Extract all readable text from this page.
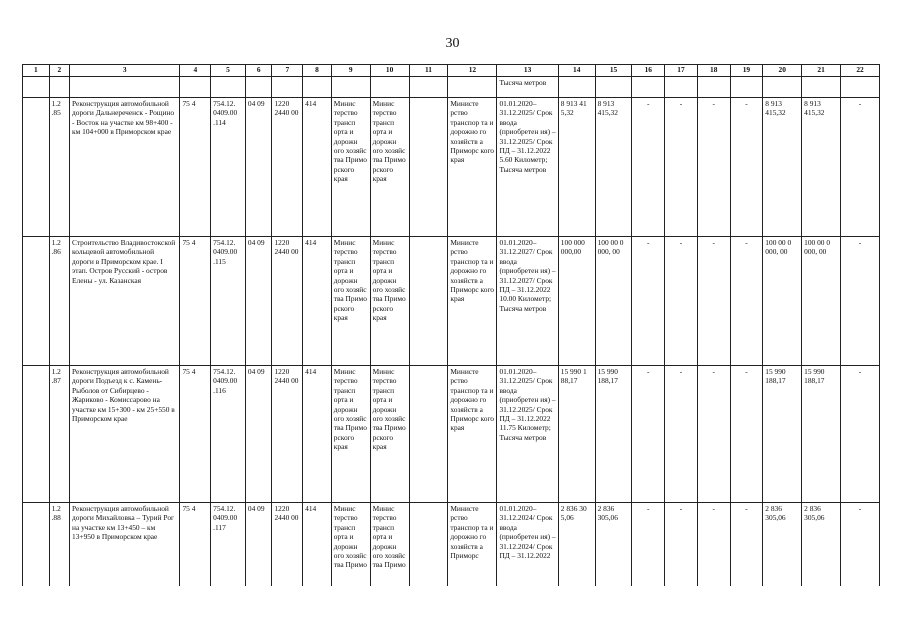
30
1	2	3	4	5	6	7	8	9	10	11	12	13	14	15	16	17	18	19	20	21	22
												Тысяча метров									
	1.2 .85	Реконструкция автомобильной дороги Дальнереченск - Рощино - Восток на участке км 98+400 - км 104+000 в Приморском крае	75 4	754.12. 0409.00 .114	04 09	1220 2440 00	414	Минис терство трансп орта и дорожн ого хозяйс тва Примо рского края	Минис терство трансп орта и дорожн ого хозяйс тва Примо рского края		Министе рство транспор та и дорожно го хозяйств а Приморс кого края	01.01.2020– 31.12.2025/ Срок ввода (приобретен ия) – 31.12.2025/ Срок ПД – 31.12.2022 5.60 Километр; Тысяча метров	8 913 41 5,32	8 913 415,32	-	-	-	-	8 913 415,32	8 913 415,32	-
	1.2 .86	Строительство Владивостокской кольцевой автомобильной дороги в Приморском крае. I этап. Остров Русский - остров Елены - ул. Казанская	75 4	754.12. 0409.00 .115	04 09	1220 2440 00	414	Минис терство трансп орта и дорожн ого хозяйс тва Примо рского края	Минис терство трансп орта и дорожн ого хозяйс тва Примо рского края		Министе рство транспор та и дорожно го хозяйств а Приморс кого края	01.01.2020– 31.12.2027/ Срок ввода (приобретен ия) – 31.12.2027/ Срок ПД – 31.12.2022 10.00 Километр; Тысяча метров	100 000 000,00	100 00 0 000, 00	-	-	-	-	100 00 0 000, 00	100 00 0 000, 00	-
	1.2 .87	Реконструкция автомобильной дороги Подъезд к с. Камень-Рыболов от Сибирцево - Жариково - Комиссарово на участке км 15+300 - км 25+550 в Приморском крае	75 4	754.12. 0409.00 .116	04 09	1220 2440 00	414	Минис терство трансп орта и дорожн ого хозяйс тва Примо рского края	Минис терство трансп орта и дорожн ого хозяйс тва Примо рского края		Министе рство транспор та и дорожно го хозяйств а Приморс кого края	01.01.2020– 31.12.2025/ Срок ввода (приобретен ия) – 31.12.2025/ Срок ПД – 31.12.2022 11.75 Километр; Тысяча метров	15 990 1 88,17	15 990 188,17	-	-	-	-	15 990 188,17	15 990 188,17	-
	1.2 .88	Реконструкция автомобильной дороги Михайловка – Турий Рог на участке км 13+450 – км 13+950 в Приморском крае	75 4	754.12. 0409.00 .117	04 09	1220 2440 00	414	Минис терство трансп орта и дорожн ого хозяйс тва Примо	Минис терство трансп орта и дорожн ого хозяйс тва Примо		Министе рство транспор та и дорожно го хозяйств а Приморс	01.01.2020– 31.12.2024/ Срок ввода (приобретен ия) – 31.12.2024/ Срок ПД – 31.12.2022	2 836 30 5,06	2 836 305,06	-	-	-	-	2 836 305,06	2 836 305,06	-
